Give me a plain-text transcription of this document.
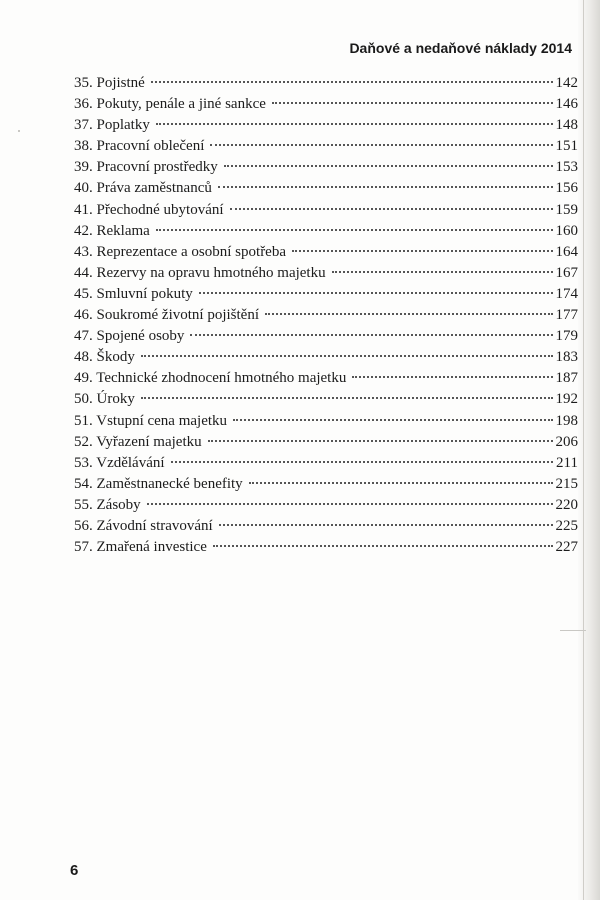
Daňové a nedaňové náklady 2014
35. Pojistné	142
36. Pokuty, penále a jiné sankce	146
37. Poplatky	148
38. Pracovní oblečení	151
39. Pracovní prostředky	153
40. Práva zaměstnanců	156
41. Přechodné ubytování	159
42. Reklama	160
43. Reprezentace a osobní spotřeba	164
44. Rezervy na opravu hmotného majetku	167
45. Smluvní pokuty	174
46. Soukromé životní pojištění	177
47. Spojené osoby	179
48. Škody	183
49. Technické zhodnocení hmotného majetku	187
50. Úroky	192
51. Vstupní cena majetku	198
52. Vyřazení majetku	206
53. Vzdělávání	211
54. Zaměstnanecké benefity	215
55. Zásoby	220
56. Závodní stravování	225
57. Zmařená investice	227
6
